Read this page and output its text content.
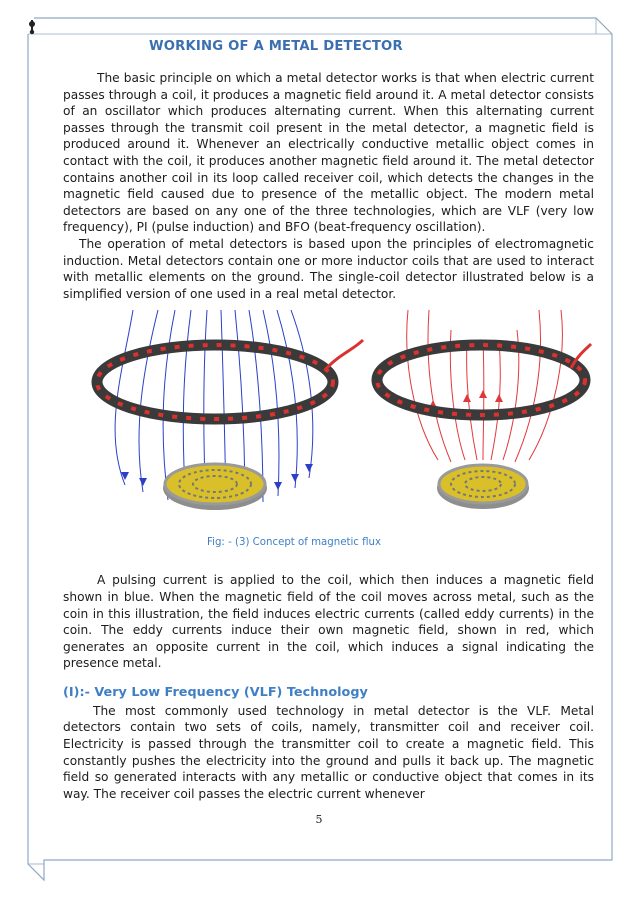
WORKING OF A METAL DETECTOR

The basic principle on which a metal detector works is that when electric current passes through a coil, it produces a magnetic field around it. A metal detector consists of an oscillator which produces alternating current. When this alternating current passes through the transmit coil present in the metal detector, a magnetic field is produced around it. Whenever an electrically conductive metallic object comes in contact with the coil, it produces another magnetic field around it. The metal detector contains another coil in its loop called receiver coil, which detects the changes in the magnetic field caused due to presence of the metallic object. The modern metal detectors are based on any one of the three technologies, which are VLF (very low frequency), PI (pulse induction) and BFO (beat-frequency oscillation).

The operation of metal detectors is based upon the principles of electromagnetic induction. Metal detectors contain one or more inductor coils that are used to interact with metallic elements on the ground. The single-coil detector illustrated below is a simplified version of one used in a real metal detector.

Fig: - (3) Concept of magnetic flux

A pulsing current is applied to the coil, which then induces a magnetic field shown in blue. When the magnetic field of the coil moves across metal, such as the coin in this illustration, the field induces electric currents (called eddy currents) in the coin. The eddy currents induce their own magnetic field, shown in red, which generates an opposite current in the coil, which induces a signal indicating the presence metal.

(I):- Very Low Frequency (VLF) Technology

The most commonly used technology in metal detector is the VLF. Metal detectors contain two sets of coils, namely, transmitter coil and receiver coil. Electricity is passed through the transmitter coil to create a magnetic field. This constantly pushes the electricity into the ground and pulls it back up. The magnetic field so generated interacts with any metallic or conductive object that comes in its way. The receiver coil passes the electric current whenever

5
